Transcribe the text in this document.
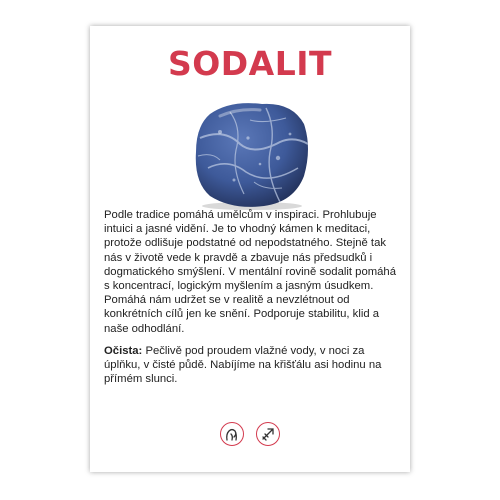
SODALIT

Podle tradice pomáhá umělcům v inspiraci. Prohlubuje intuici a jasné vidění. Je to vhodný kámen k meditaci, protože odlišuje podstatné od nepodstatného. Stejně tak nás v životě vede k pravdě a zbavuje nás předsudků i dogmatického smýšlení. V mentální rovině sodalit pomáhá s koncentrací, logickým myšlením a jasným úsudkem. Pomáhá nám udržet se v realitě a nevzlétnout od konkrétních cílů jen ke snění. Podporuje stabilitu, klid a naše odhodlání.

Očista: Pečlivě pod proudem vlažné vody, v noci za úplňku, v čisté půdě. Nabíjíme na křišťálu asi hodinu na přímém slunci.
